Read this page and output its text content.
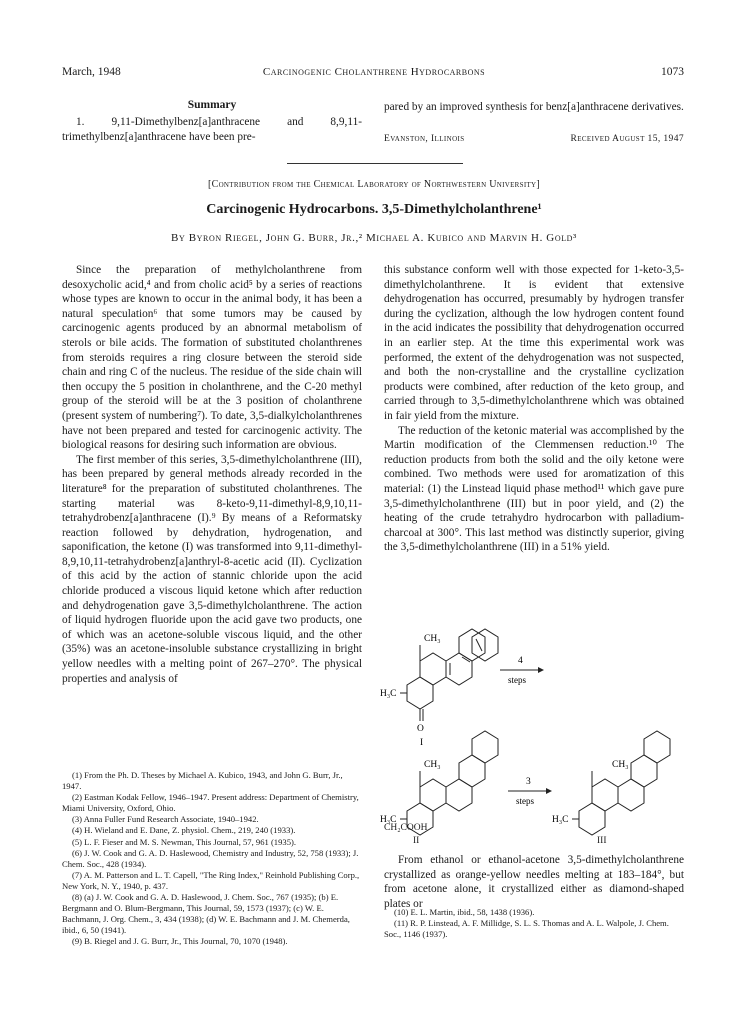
March, 1948	Carcinogenic Cholanthrene Hydrocarbons	1073
Summary

1. 9,11-Dimethylbenz[a]anthracene and 8,9,11-trimethylbenz[a]anthracene have been pre-

pared by an improved synthesis for benz[a]anthracene derivatives.

Evanston, Illinois	Received August 15, 1947
[Contribution from the Chemical Laboratory of Northwestern University]
Carcinogenic Hydrocarbons. 3,5-Dimethylcholanthrene¹
By Byron Riegel, John G. Burr, Jr.,² Michael A. Kubico and Marvin H. Gold³

Since the preparation of methylcholanthrene from desoxycholic acid,⁴ and from cholic acid⁵ by a series of reactions whose types are known to occur in the animal body, it has been a natural speculation⁶ that some tumors may be caused by carcinogenic agents produced by an abnormal metabolism of sterols or bile acids. The formation of substituted cholanthrenes from steroids requires a ring closure between the steroid side chain and ring C of the nucleus. The residue of the side chain will then occupy the 5 position in cholanthrene, and the C-20 methyl group of the steroid will be at the 3 position of cholanthrene (present system of numbering⁷). To date, 3,5-dialkylcholanthrenes have not been prepared and tested for carcinogenic activity. The biological reasons for desiring such information are obvious.

The first member of this series, 3,5-dimethylcholanthrene (III), has been prepared by general methods already recorded in the literature⁸ for the preparation of substituted cholanthrenes. The starting material was 8-keto-9,11-dimethyl-8,9,10,11-tetrahydrobenz[a]anthracene (I).⁹ By means of a Reformatsky reaction followed by dehydration, hydrogenation, and saponification, the ketone (I) was transformed into 9,11-dimethyl-8,9,10,11-tetrahydrobenz[a]anthryl-8-acetic acid (II). Cyclization of this acid by the action of stannic chloride upon the acid chloride produced a viscous liquid ketone which after reduction and dehydrogenation gave 3,5-dimethylcholanthrene. The action of liquid hydrogen fluoride upon the acid gave two products, one of which was an acetone-soluble viscous liquid, and the other (35%) was an acetone-insoluble substance crystallizing in bright yellow needles with a melting point of 267–270°. The physical properties and analysis of

(1) From the Ph. D. Theses by Michael A. Kubico, 1943, and John G. Burr, Jr., 1947.
(2) Eastman Kodak Fellow, 1946–1947. Present address: Department of Chemistry, Miami University, Oxford, Ohio.
(3) Anna Fuller Fund Research Associate, 1940–1942.
(4) H. Wieland and E. Dane, Z. physiol. Chem., 219, 240 (1933).
(5) L. F. Fieser and M. S. Newman, This Journal, 57, 961 (1935).
(6) J. W. Cook and G. A. D. Haslewood, Chemistry and Industry, 52, 758 (1933); J. Chem. Soc., 428 (1934).
(7) A. M. Patterson and L. T. Capell, "The Ring Index," Reinhold Publishing Corp., New York, N. Y., 1940, p. 437.
(8) (a) J. W. Cook and G. A. D. Haslewood, J. Chem. Soc., 767 (1935); (b) E. Bergmann and O. Blum-Bergmann, This Journal, 59, 1573 (1937); (c) W. E. Bachmann, J. Org. Chem., 3, 434 (1938); (d) W. E. Bachmann and J. M. Chemerda, ibid., 6, 50 (1941).
(9) B. Riegel and J. G. Burr, Jr., This Journal, 70, 1070 (1948).

this substance conform well with those expected for 1-keto-3,5-dimethylcholanthrene. It is evident that extensive dehydrogenation has occurred, presumably by hydrogen transfer during the cyclization, although the low hydrogen content found in the acid indicates the possibility that dehydrogenation occurred in an earlier step. At the time this experimental work was performed, the extent of the dehydrogenation was not suspected, and both the non-crystalline and the crystalline cyclization products were combined, after reduction of the keto group, and carried through to 3,5-dimethylcholanthrene which was obtained in fair yield from the mixture.

The reduction of the ketonic material was accomplished by the Martin modification of the Clemmensen reduction.¹⁰ The reduction products from both the solid and the oily ketone were combined. Two methods were used for aromatization of this material: (1) the Linstead liquid phase method¹¹ which gave pure 3,5-dimethylcholanthrene (III) but in poor yield, and (2) the heating of the crude tetrahydro hydrocarbon with palladium-charcoal at 300°. This last method was distinctly superior, giving the 3,5-dimethylcholanthrene (III) in a 51% yield.

CH₃
H₃C
O
I
4
steps
CH₃
H₃C
3
steps
CH₃
H₃C
CH₂COOH
II	III

From ethanol or ethanol-acetone 3,5-dimethylcholanthrene crystallized as orange-yellow needles melting at 183–184°, but from acetone alone, it crystallized either as diamond-shaped plates or

(10) E. L. Martin, ibid., 58, 1438 (1936).
(11) R. P. Linstead, A. F. Millidge, S. L. S. Thomas and A. L. Walpole, J. Chem. Soc., 1146 (1937).
